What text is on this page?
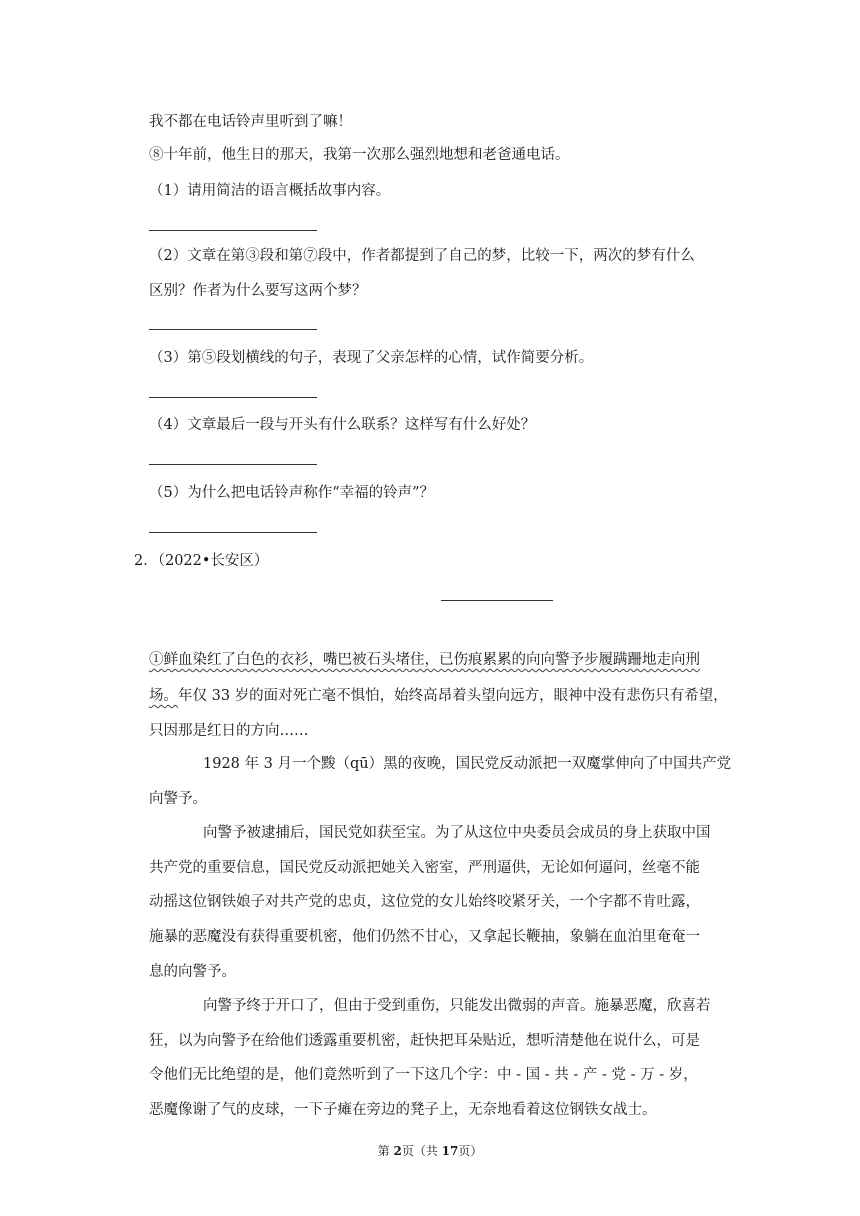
我不都在电话铃声里听到了嘛！
⑧十年前，他生日的那天，我第一次那么强烈地想和老爸通电话。
（1）请用简洁的语言概括故事内容。
（2）文章在第③段和第⑦段中，作者都提到了自己的梦，比较一下，两次的梦有什么
区别？作者为什么要写这两个梦？
（3）第⑤段划横线的句子，表现了父亲怎样的心情，试作简要分析。
（4）文章最后一段与开头有什么联系？这样写有什么好处？
（5）为什么把电话铃声称作“幸福的铃声”？
2．（2022•长安区）
①鲜血染红了白色的衣衫，嘴巴被石头堵住，已伤痕累累的向向警予步履蹒跚地走向刑
场。年仅 33 岁的面对死亡毫不惧怕，始终高昂着头望向远方，眼神中没有悲伤只有希望，
只因那是红日的方向……
1928 年 3 月一个黢（qū）黑的夜晚，国民党反动派把一双魔掌伸向了中国共产党
向警予。
向警予被逮捕后，国民党如获至宝。为了从这位中央委员会成员的身上获取中国
共产党的重要信息，国民党反动派把她关入密室，严刑逼供，无论如何逼问，丝毫不能
动摇这位钢铁娘子对共产党的忠贞，这位党的女儿始终咬紧牙关，一个字都不肯吐露，
施暴的恶魔没有获得重要机密，他们仍然不甘心，又拿起长鞭抽，象躺在血泊里奄奄一
息的向警予。
向警予终于开口了，但由于受到重伤，只能发出微弱的声音。施暴恶魔，欣喜若
狂，以为向警予在给他们透露重要机密，赶快把耳朵贴近，想听清楚他在说什么，可是
令他们无比绝望的是，他们竟然听到了一下这几个字：中 - 国 - 共 - 产 - 党 - 万 - 岁，
恶魔像谢了气的皮球，一下子瘫在旁边的凳子上，无奈地看着这位钢铁女战士。
第 2页（共 17页）
